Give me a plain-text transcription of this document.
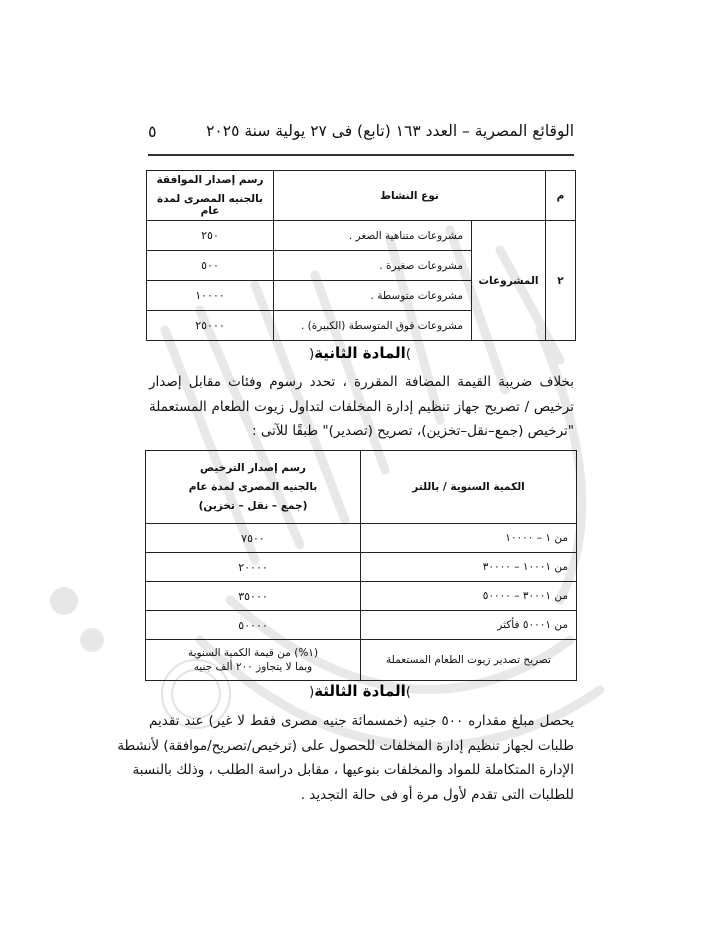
الوقائع المصرية – العدد ١٦٣ (تابع) فى ٢٧ يولية سنة ٢٠٢٥
٥
رسم إصدار الموافقة
بالجنيه المصرى لمدة عام	نوع النشاط		م
٢٥٠	مشروعات متناهية الصغر .	المشروعات	٢
٥٠٠	مشروعات صغيرة .		
١٠٠٠٠	مشروعات متوسطة .		
٢٥٠٠٠	مشروعات فوق المتوسطة (الكبيرة) .		
)المادة الثانية(
بخلاف ضريبة القيمة المضافة المقررة ، تحدد رسوم وفئات مقابل إصدار
ترخيص / تصريح جهاز تنظيم إدارة المخلفات لتداول زيوت الطعام المستعملة
"ترخيص (جمع–نقل–تخزين)، تصريح (تصدير)" طبقًا للآتى :
رسم إصدار الترخيص
بالجنيه المصرى لمدة عام
(جمع – نقل – تخزين)	الكمية السنوية / باللتر
٧٥٠٠	من ١ – ١٠٠٠٠
٢٠٠٠٠	من ١٠٠٠١ – ٣٠٠٠٠
٣٥٠٠٠	من ٣٠٠٠١ – ٥٠٠٠٠
٥٠٠٠٠	من ٥٠٠٠١ فأكثر

(١%) من قيمة الكمية السنوية
وبما لا يتجاوز ٢٠٠ ألف جنيه	تصريح تصدير زيوت الطعام المستعملة
)المادة الثالثة(
يحصل مبلغ مقداره ٥٠٠ جنيه (خمسمائة جنيه مصرى فقط لا غير) عند تقديم
طلبات لجهاز تنظيم إدارة المخلفات للحصول على (ترخيص/تصريح/موافقة) لأنشطة
الإدارة المتكاملة للمواد والمخلفات بنوعيها ، مقابل دراسة الطلب ، وذلك بالنسبة
للطلبات التى تقدم لأول مرة أو فى حالة التجديد .
